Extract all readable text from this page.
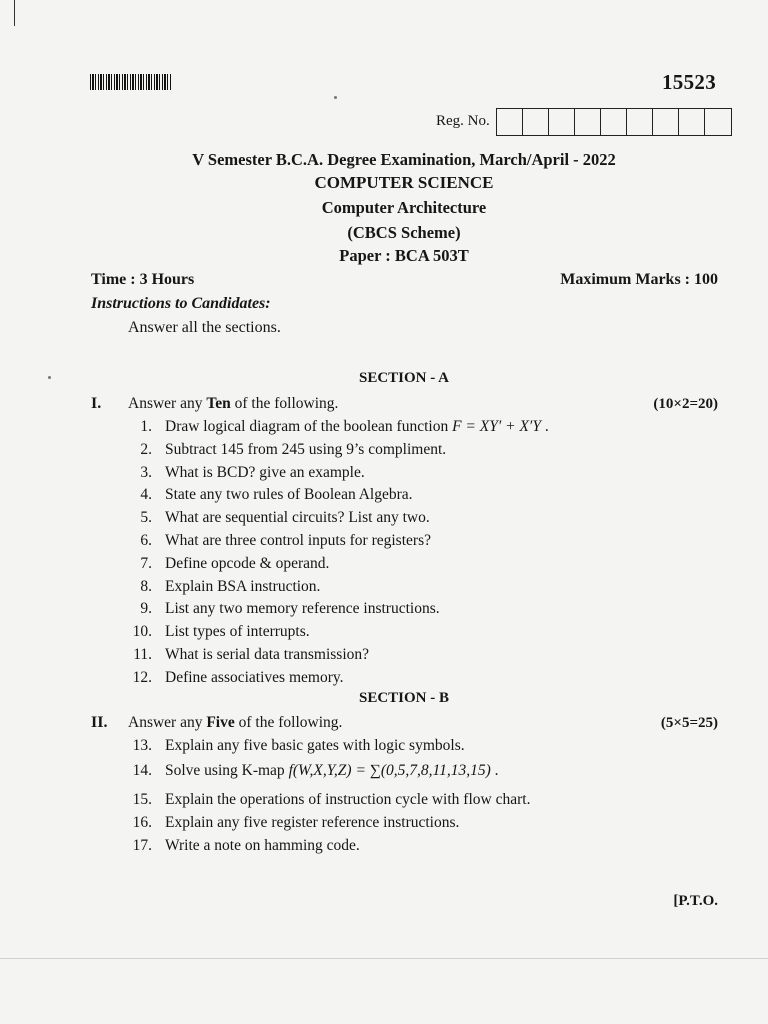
15523
Reg. No.
V Semester B.C.A. Degree Examination, March/April - 2022
COMPUTER SCIENCE
Computer Architecture
(CBCS Scheme)
Paper : BCA 503T
Time : 3 Hours	Maximum Marks : 100
Instructions to Candidates:
Answer all the sections.
SECTION - A
I. Answer any Ten of the following.	(10×2=20)
1. Draw logical diagram of the boolean function F = XY′ + X′Y .
2. Subtract 145 from 245 using 9’s compliment.
3. What is BCD? give an example.
4. State any two rules of Boolean Algebra.
5. What are sequential circuits? List any two.
6. What are three control inputs for registers?
7. Define opcode & operand.
8. Explain BSA instruction.
9. List any two memory reference instructions.
10. List types of interrupts.
11. What is serial data transmission?
12. Define associatives memory.
SECTION - B
II. Answer any Five of the following.	(5×5=25)
13. Explain any five basic gates with logic symbols.
14. Solve using K-map f(W,X,Y,Z) = ∑(0,5,7,8,11,13,15) .
15. Explain the operations of instruction cycle with flow chart.
16. Explain any five register reference instructions.
17. Write a note on hamming code.
[P.T.O.
